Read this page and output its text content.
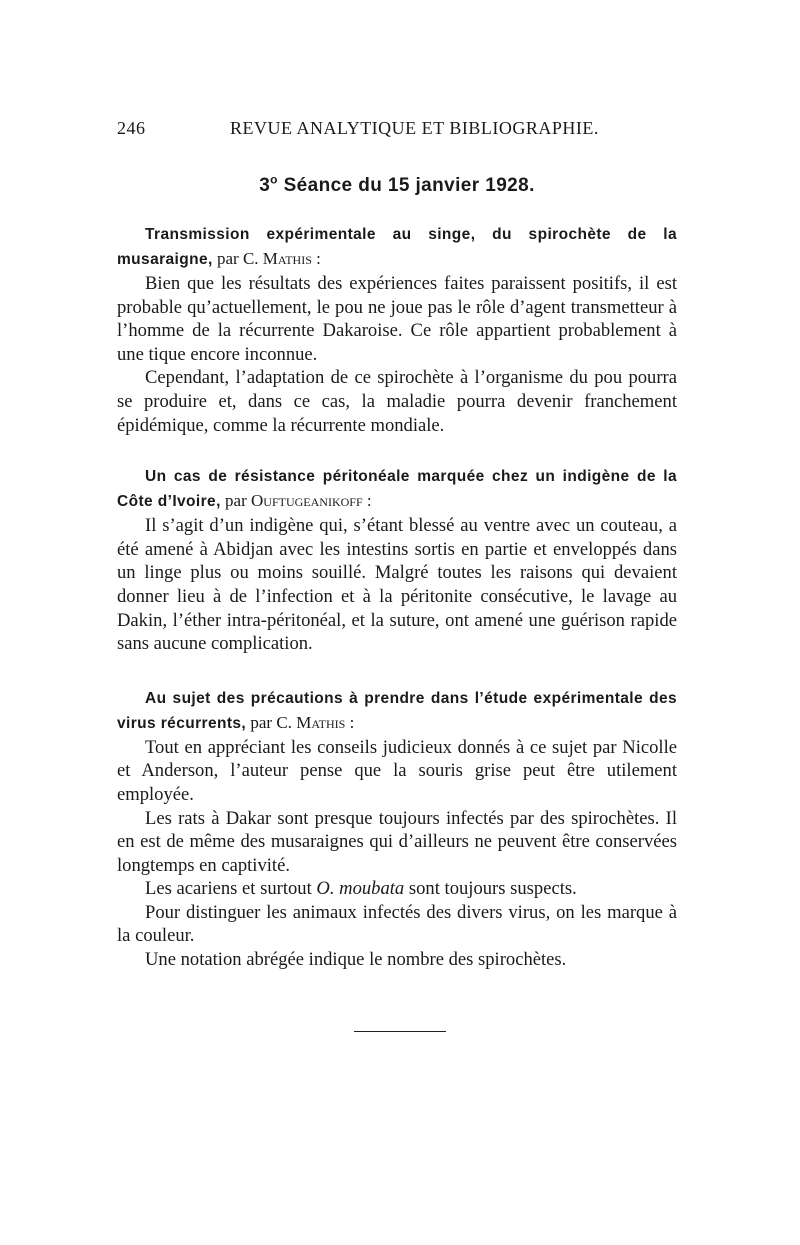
246	REVUE ANALYTIQUE ET BIBLIOGRAPHIE.
3$^o$ Séance du 15 janvier 1928.
Transmission expérimentale au singe, du spirochète de la musaraigne, par C. Mathis :

Bien que les résultats des expériences faites paraissent positifs, il est probable qu’actuellement, le pou ne joue pas le rôle d’agent transmetteur à l’homme de la récurrente Dakaroise. Ce rôle appartient probablement à une tique encore inconnue.

Cependant, l’adaptation de ce spirochète à l’organisme du pou pourra se produire et, dans ce cas, la maladie pourra devenir franchement épidémique, comme la récurrente mondiale.

Un cas de résistance péritonéale marquée chez un indigène de la Côte d’Ivoire, par Ouftugeanikoff :

Il s’agit d’un indigène qui, s’étant blessé au ventre avec un couteau, a été amené à Abidjan avec les intestins sortis en partie et enveloppés dans un linge plus ou moins souillé. Malgré toutes les raisons qui devaient donner lieu à de l’infection et à la péritonite consécutive, le lavage au Dakin, l’éther intra-péritonéal, et la suture, ont amené une guérison rapide sans aucune complication.

Au sujet des précautions à prendre dans l’étude expérimentale des virus récurrents, par C. Mathis :

Tout en appréciant les conseils judicieux donnés à ce sujet par Nicolle et Anderson, l’auteur pense que la souris grise peut être utilement employée.

Les rats à Dakar sont presque toujours infectés par des spirochètes. Il en est de même des musaraignes qui d’ailleurs ne peuvent être conservées longtemps en captivité.

Les acariens et surtout O. moubata sont toujours suspects.

Pour distinguer les animaux infectés des divers virus, on les marque à la couleur.

Une notation abrégée indique le nombre des spirochètes.
